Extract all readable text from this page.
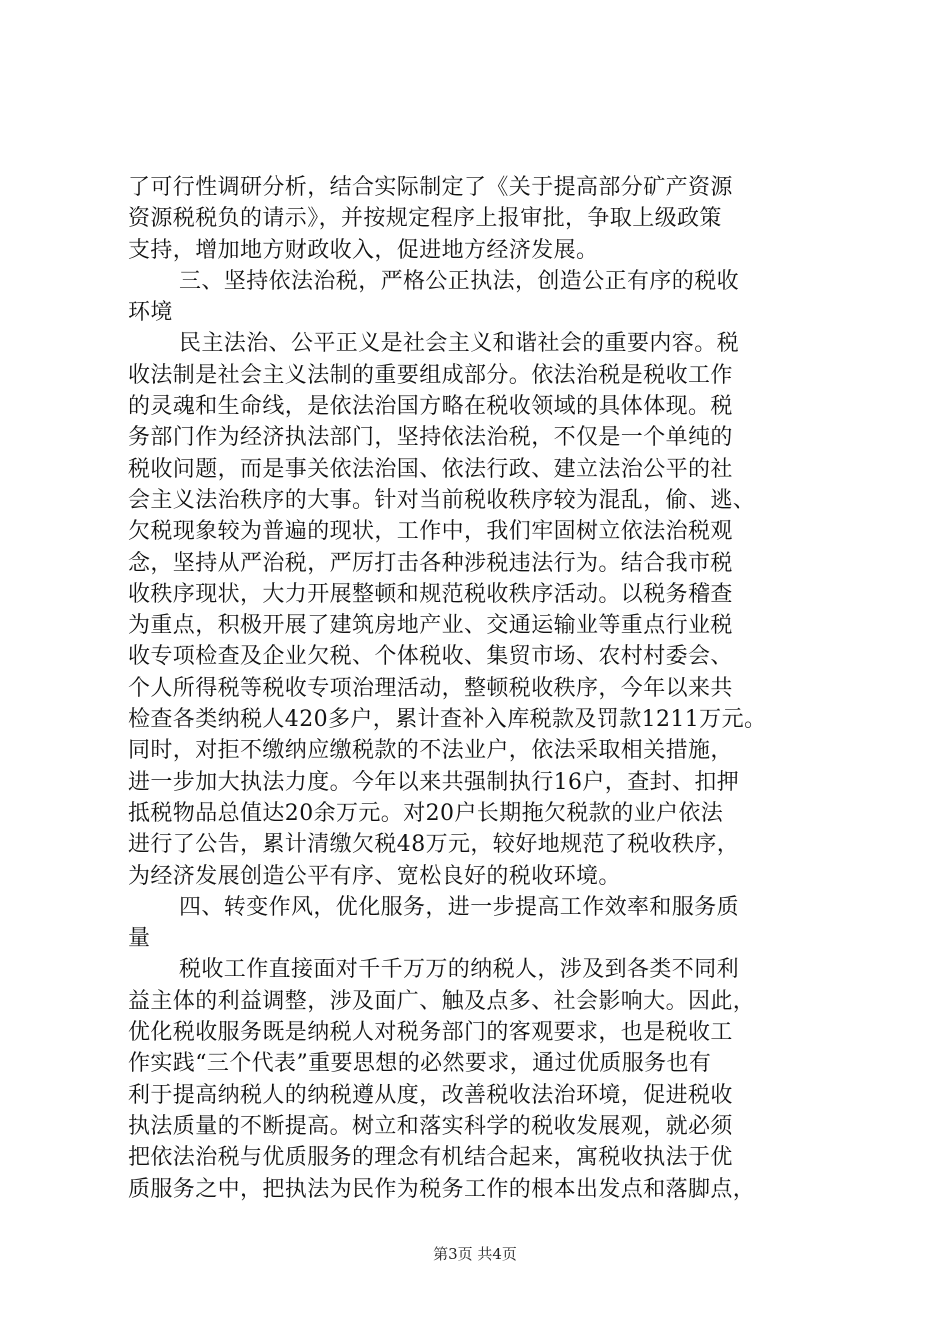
了可行性调研分析，结合实际制定了《关于提高部分矿产资源
资源税税负的请示》，并按规定程序上报审批，争取上级政策
支持，增加地方财政收入，促进地方经济发展。
三、坚持依法治税，严格公正执法，创造公正有序的税收
环境
民主法治、公平正义是社会主义和谐社会的重要内容。税
收法制是社会主义法制的重要组成部分。依法治税是税收工作
的灵魂和生命线，是依法治国方略在税收领域的具体体现。税
务部门作为经济执法部门，坚持依法治税，不仅是一个单纯的
税收问题，而是事关依法治国、依法行政、建立法治公平的社
会主义法治秩序的大事。针对当前税收秩序较为混乱，偷、逃、
欠税现象较为普遍的现状，工作中，我们牢固树立依法治税观
念，坚持从严治税，严厉打击各种涉税违法行为。结合我市税
收秩序现状，大力开展整顿和规范税收秩序活动。以税务稽查
为重点，积极开展了建筑房地产业、交通运输业等重点行业税
收专项检查及企业欠税、个体税收、集贸市场、农村村委会、
个人所得税等税收专项治理活动，整顿税收秩序，今年以来共
检查各类纳税人420多户，累计查补入库税款及罚款1211万元。
同时，对拒不缴纳应缴税款的不法业户，依法采取相关措施，
进一步加大执法力度。今年以来共强制执行16户，查封、扣押
抵税物品总值达20余万元。对20户长期拖欠税款的业户依法
进行了公告，累计清缴欠税48万元，较好地规范了税收秩序，
为经济发展创造公平有序、宽松良好的税收环境。
四、转变作风，优化服务，进一步提高工作效率和服务质
量
税收工作直接面对千千万万的纳税人，涉及到各类不同利
益主体的利益调整，涉及面广、触及点多、社会影响大。因此，
优化税收服务既是纳税人对税务部门的客观要求，也是税收工
作实践“三个代表”重要思想的必然要求，通过优质服务也有
利于提高纳税人的纳税遵从度，改善税收法治环境，促进税收
执法质量的不断提高。树立和落实科学的税收发展观，就必须
把依法治税与优质服务的理念有机结合起来，寓税收执法于优
质服务之中，把执法为民作为税务工作的根本出发点和落脚点，
第3页 共4页
